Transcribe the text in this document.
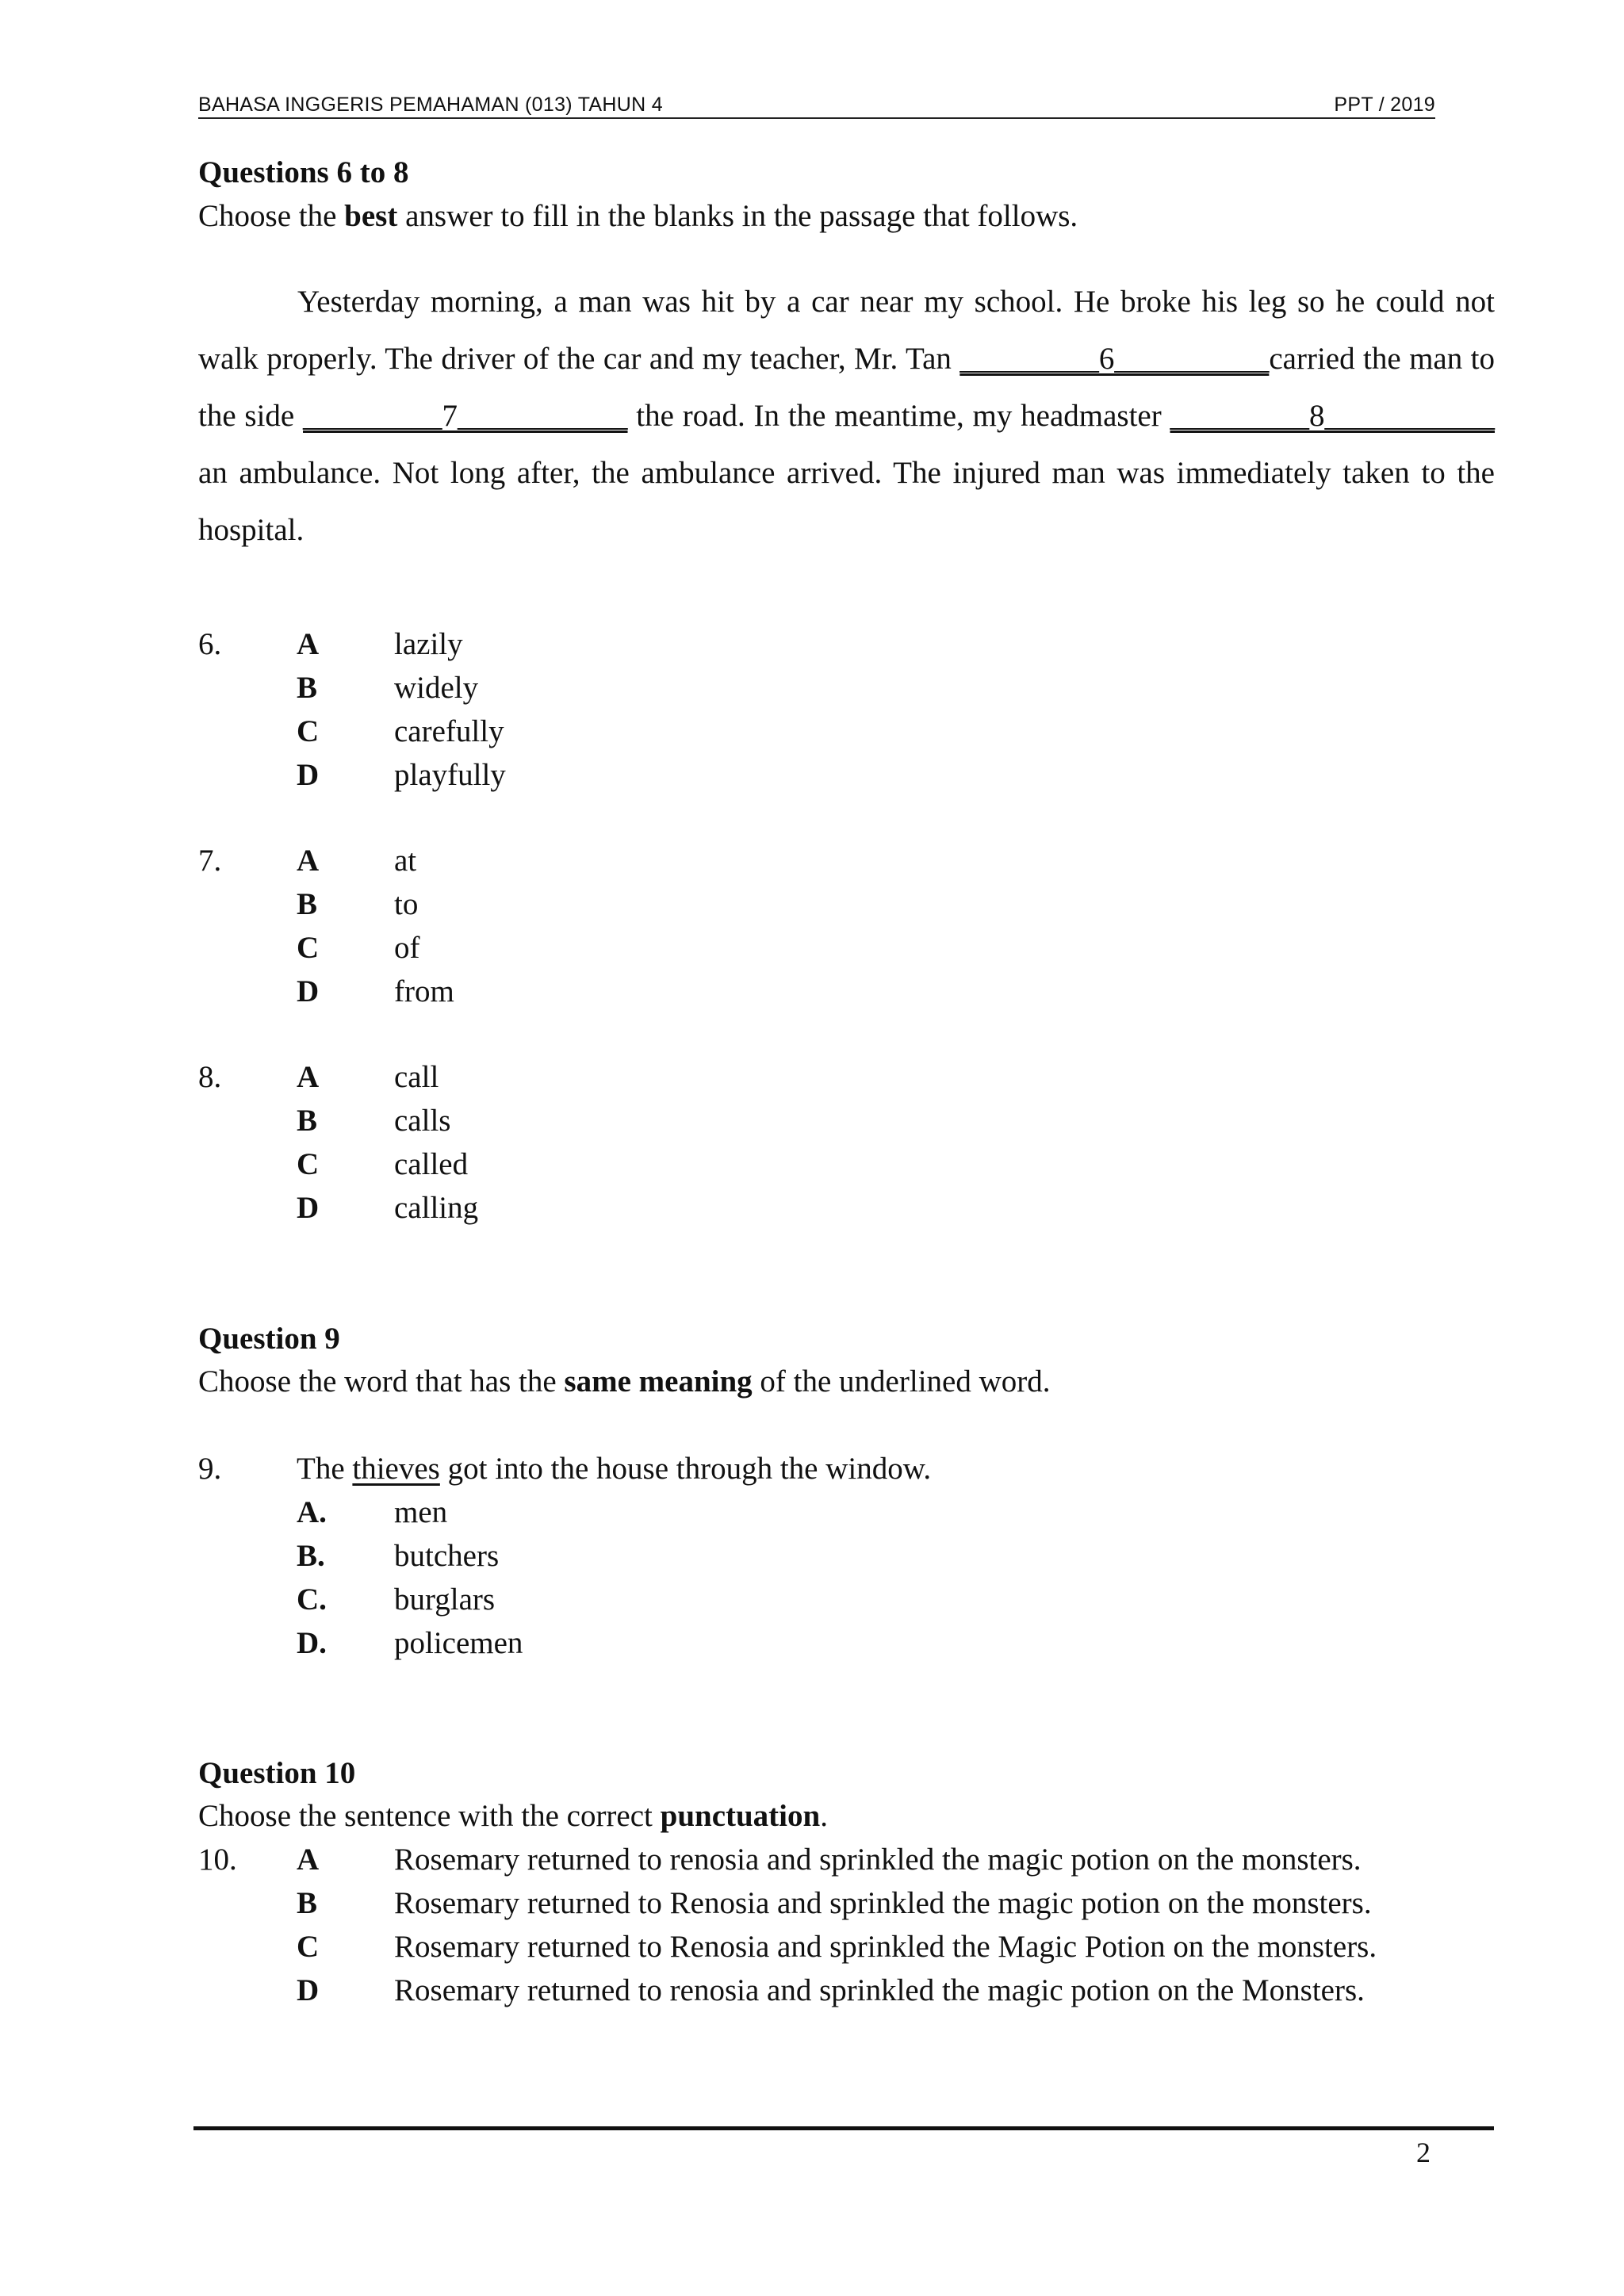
BAHASA INGGERIS PEMAHAMAN (013) TAHUN 4	PPT / 2019
Questions 6 to 8
Choose the best answer to fill in the blanks in the passage that follows.
Yesterday morning, a man was hit by a car near my school. He broke his leg so he could not walk properly. The driver of the car and my teacher, Mr. Tan _________6__________carried the man to the side _________7___________ the road. In the meantime, my headmaster _________8___________ an ambulance. Not long after, the ambulance arrived. The injured man was immediately taken to the hospital.
6. A lazily
B widely
C carefully
D playfully
7. A at
B to
C of
D from
8. A call
B calls
C called
D calling
Question 9
Choose the word that has the same meaning of the underlined word.
9. The thieves got into the house through the window.
A. men
B. butchers
C. burglars
D. policemen
Question 10
Choose the sentence with the correct punctuation.
10. A Rosemary returned to renosia and sprinkled the magic potion on the monsters.
B Rosemary returned to Renosia and sprinkled the magic potion on the monsters.
C Rosemary returned to Renosia and sprinkled the Magic Potion on the monsters.
D Rosemary returned to renosia and sprinkled the magic potion on the Monsters.
2
